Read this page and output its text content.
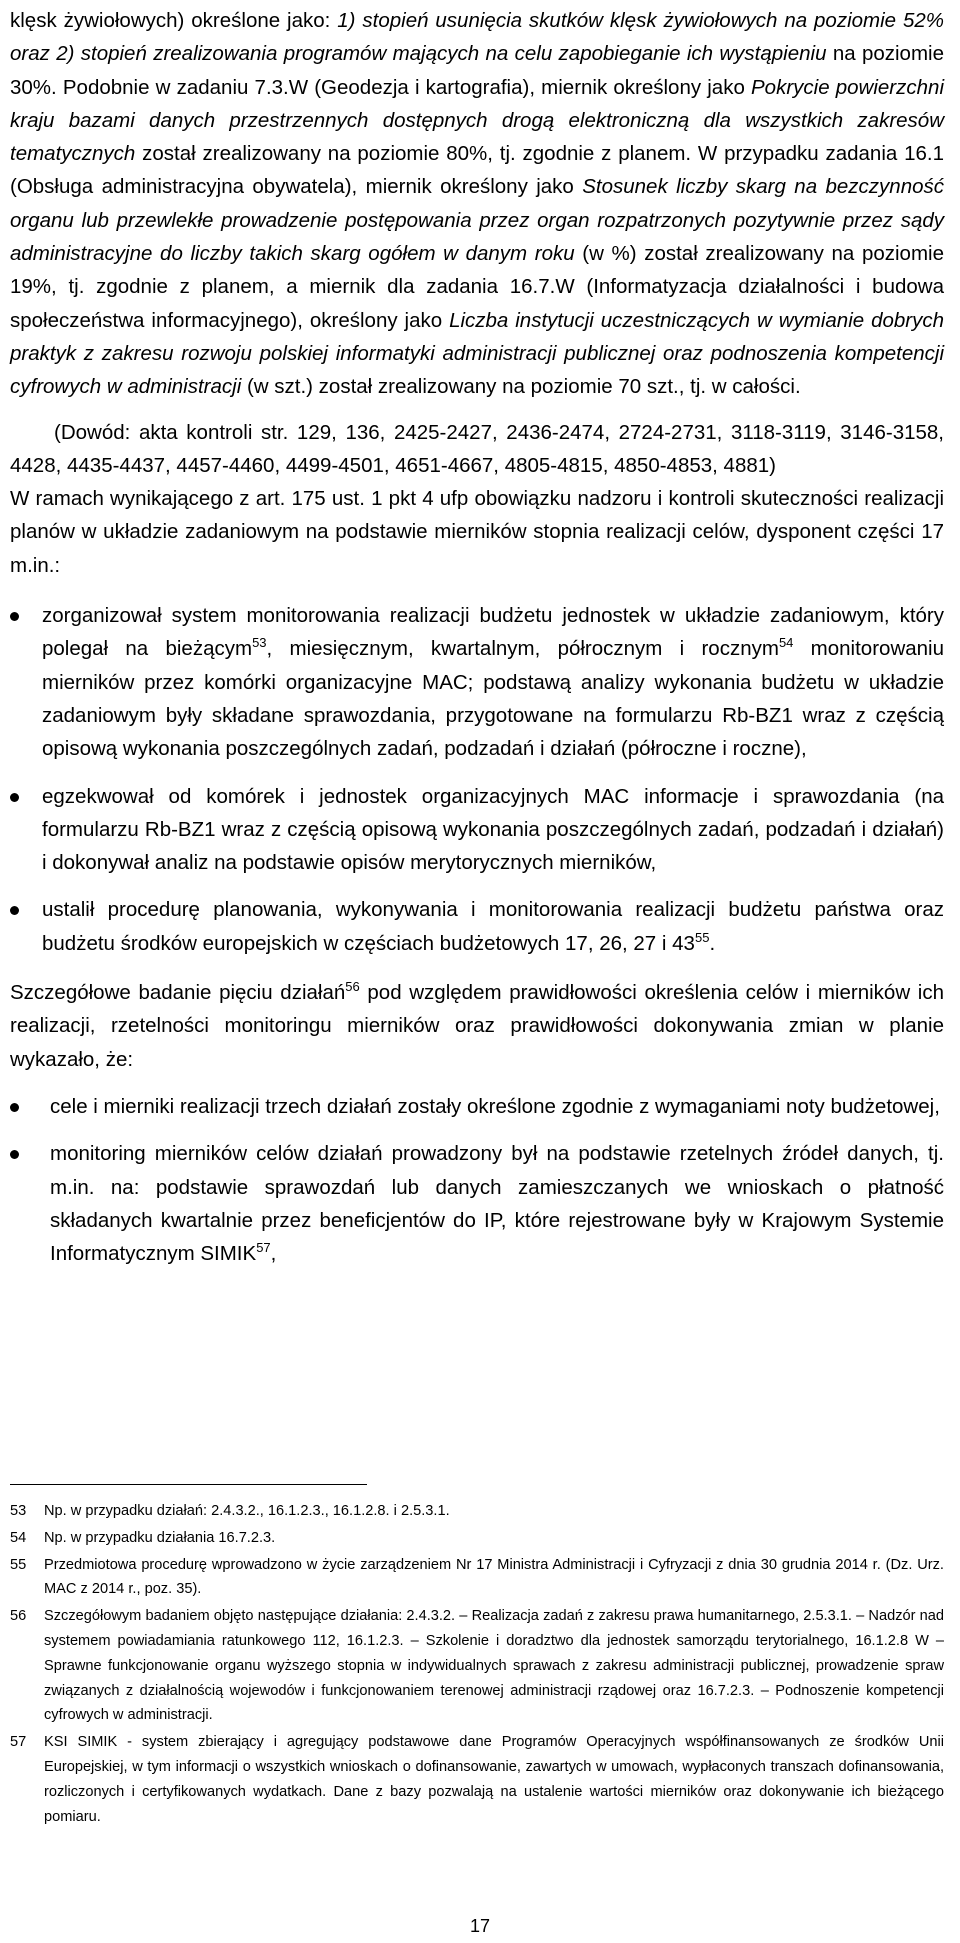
klęsk żywiołowych) określone jako: 1) stopień usunięcia skutków klęsk żywiołowych na poziomie 52% oraz 2) stopień zrealizowania programów mających na celu zapobieganie ich wystąpieniu na poziomie 30%. Podobnie w zadaniu 7.3.W (Geodezja i kartografia), miernik określony jako Pokrycie powierzchni kraju bazami danych przestrzennych dostępnych drogą elektroniczną dla wszystkich zakresów tematycznych został zrealizowany na poziomie 80%, tj. zgodnie z planem. W przypadku zadania 16.1 (Obsługa administracyjna obywatela), miernik określony jako Stosunek liczby skarg na bezczynność organu lub przewlekłe prowadzenie postępowania przez organ rozpatrzonych pozytywnie przez sądy administracyjne do liczby takich skarg ogółem w danym roku (w %) został zrealizowany na poziomie 19%, tj. zgodnie z planem, a miernik dla zadania 16.7.W (Informatyzacja działalności i budowa społeczeństwa informacyjnego), określony jako Liczba instytucji uczestniczących w wymianie dobrych praktyk z zakresu rozwoju polskiej informatyki administracji publicznej oraz podnoszenia kompetencji cyfrowych w administracji (w szt.) został zrealizowany na poziomie 70 szt., tj. w całości.

(Dowód: akta kontroli str. 129, 136, 2425-2427, 2436-2474, 2724-2731, 3118-3119, 3146-3158, 4428, 4435-4437, 4457-4460, 4499-4501, 4651-4667, 4805-4815, 4850-4853, 4881)

W ramach wynikającego z art. 175 ust. 1 pkt 4 ufp obowiązku nadzoru i kontroli skuteczności realizacji planów w układzie zadaniowym na podstawie mierników stopnia realizacji celów, dysponent części 17 m.in.:

zorganizował system monitorowania realizacji budżetu jednostek w układzie zadaniowym, który polegał na bieżącym$^{53}$, miesięcznym, kwartalnym, półrocznym i rocznym$^{54}$ monitorowaniu mierników przez komórki organizacyjne MAC; podstawą analizy wykonania budżetu w układzie zadaniowym były składane sprawozdania, przygotowane na formularzu Rb-BZ1 wraz z częścią opisową wykonania poszczególnych zadań, podzadań i działań (półroczne i roczne),
egzekwował od komórek i jednostek organizacyjnych MAC informacje i sprawozdania (na formularzu Rb-BZ1 wraz z częścią opisową wykonania poszczególnych zadań, podzadań i działań) i dokonywał analiz na podstawie opisów merytorycznych mierników,
ustalił procedurę planowania, wykonywania i monitorowania realizacji budżetu państwa oraz budżetu środków europejskich w częściach budżetowych 17, 26, 27 i $43^{55}$.

Szczegółowe badanie pięciu działań$^{56}$ pod względem prawidłowości określenia celów i mierników ich realizacji, rzetelności monitoringu mierników oraz prawidłowości dokonywania zmian w planie wykazało, że:

cele i mierniki realizacji trzech działań zostały określone zgodnie z wymaganiami noty budżetowej,
monitoring mierników celów działań prowadzony był na podstawie rzetelnych źródeł danych, tj. m.in. na: podstawie sprawozdań lub danych zamieszczanych we wnioskach o płatność składanych kwartalnie przez beneficjentów do IP, które rejestrowane były w Krajowym Systemie Informatycznym SIMIK$^{57}$,
53	Np. w przypadku działań: 2.4.3.2., 16.1.2.3., 16.1.2.8. i 2.5.3.1.
54	Np. w przypadku działania 16.7.2.3.
55	Przedmiotowa procedurę wprowadzono w życie zarządzeniem Nr 17 Ministra Administracji i Cyfryzacji z dnia 30 grudnia 2014 r. (Dz. Urz. MAC z 2014 r., poz. 35).
56	Szczegółowym badaniem objęto następujące działania: 2.4.3.2. – Realizacja zadań z zakresu prawa humanitarnego, 2.5.3.1. – Nadzór nad systemem powiadamiania ratunkowego 112, 16.1.2.3. – Szkolenie i doradztwo dla jednostek samorządu terytorialnego, 16.1.2.8 W – Sprawne funkcjonowanie organu wyższego stopnia w indywidualnych sprawach z zakresu administracji publicznej, prowadzenie spraw związanych z działalnością wojewodów i funkcjonowaniem terenowej administracji rządowej oraz 16.7.2.3. – Podnoszenie kompetencji cyfrowych w administracji.
57	KSI SIMIK - system zbierający i agregujący podstawowe dane Programów Operacyjnych współfinansowanych ze środków Unii Europejskiej, w tym informacji o wszystkich wnioskach o dofinansowanie, zawartych w umowach, wypłaconych transzach dofinansowania, rozliczonych i certyfikowanych wydatkach. Dane z bazy pozwalają na ustalenie wartości mierników oraz dokonywanie ich bieżącego pomiaru.
17
